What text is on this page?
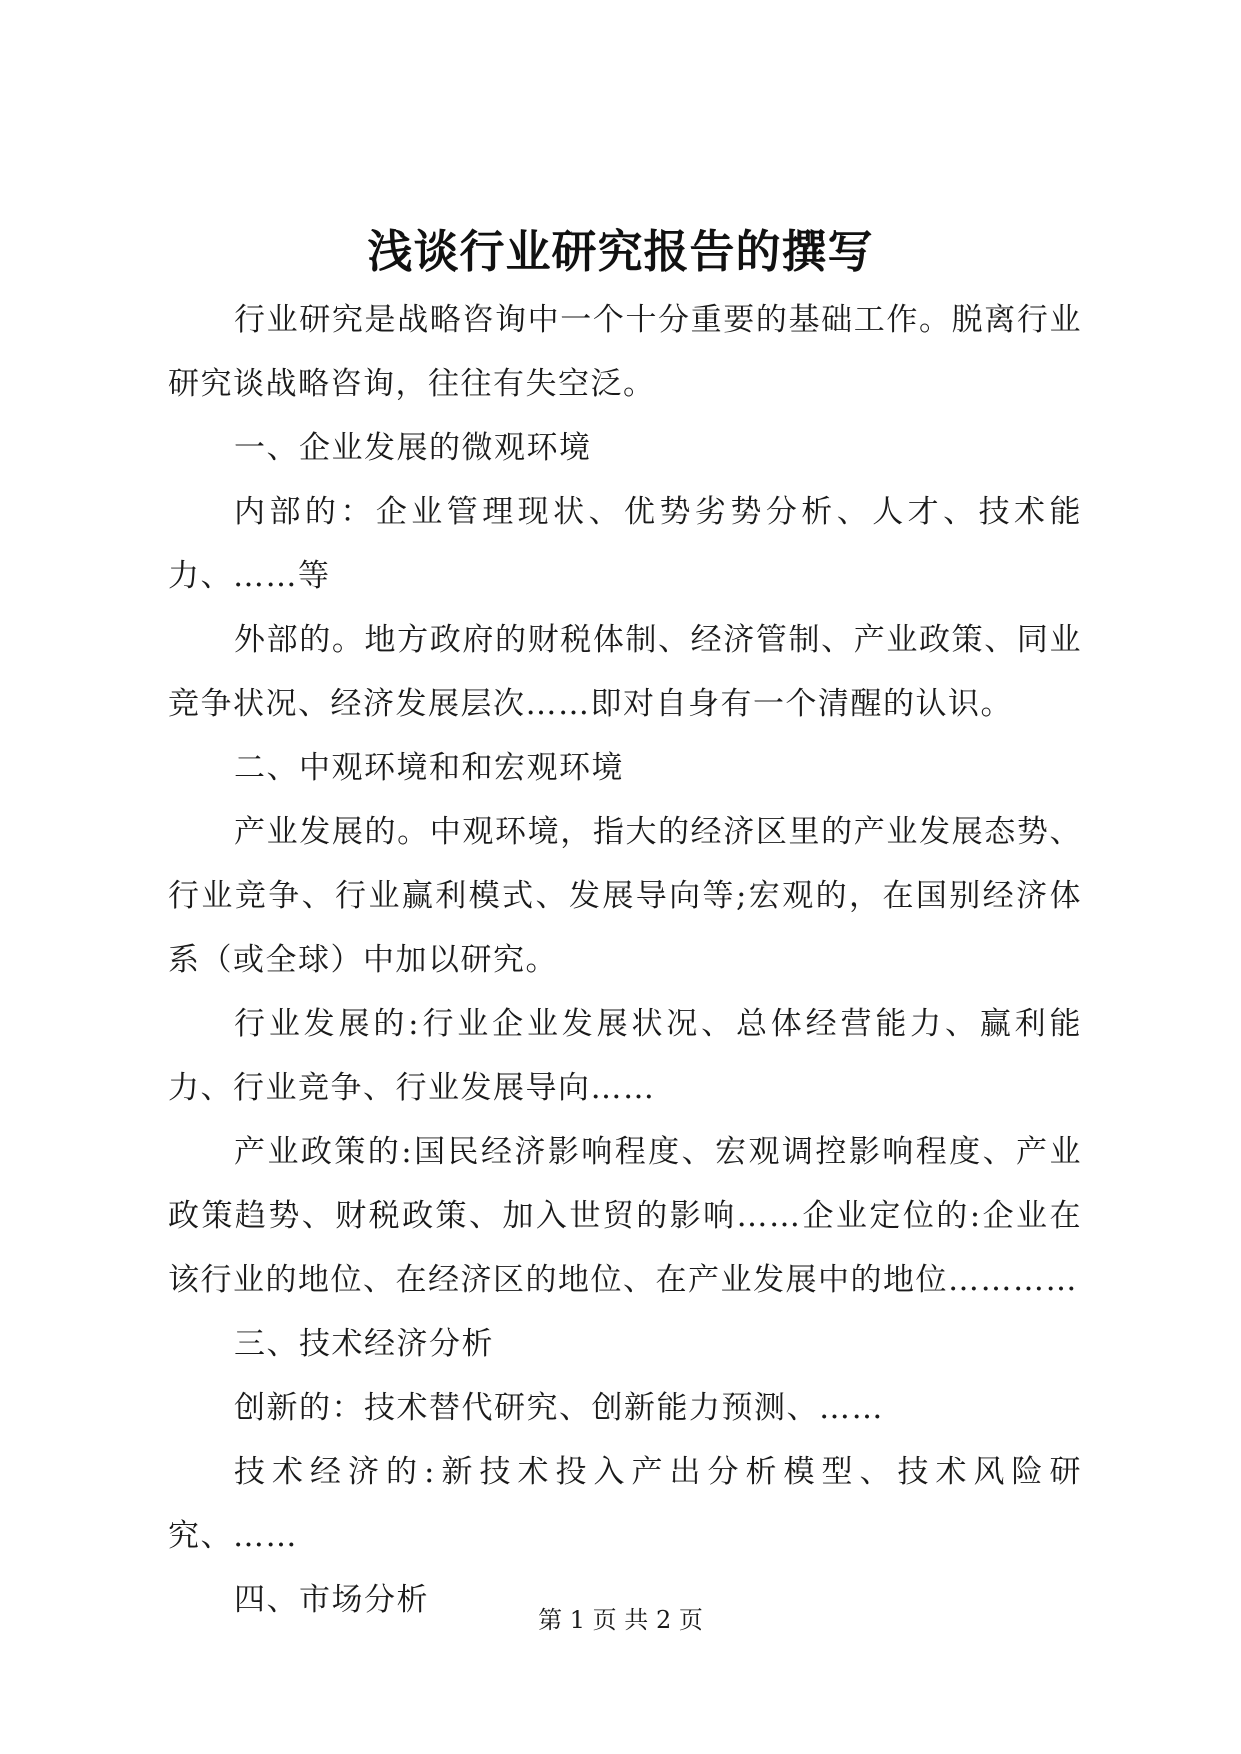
浅谈行业研究报告的撰写

行业研究是战略咨询中一个十分重要的基础工作。脱离行业研究谈战略咨询，往往有失空泛。

一、企业发展的微观环境

内部的：企业管理现状、优势劣势分析、人才、技术能力、……等

外部的。地方政府的财税体制、经济管制、产业政策、同业竞争状况、经济发展层次……即对自身有一个清醒的认识。

二、中观环境和和宏观环境

产业发展的。中观环境，指大的经济区里的产业发展态势、行业竞争、行业赢利模式、发展导向等;宏观的，在国别经济体系（或全球）中加以研究。

行业发展的:行业企业发展状况、总体经营能力、赢利能力、行业竞争、行业发展导向……

产业政策的:国民经济影响程度、宏观调控影响程度、产业政策趋势、财税政策、加入世贸的影响……企业定位的:企业在该行业的地位、在经济区的地位、在产业发展中的地位…………

三、技术经济分析

创新的：技术替代研究、创新能力预测、……

技术经济的:新技术投入产出分析模型、技术风险研究、……

四、市场分析

第 1 页 共 2 页
